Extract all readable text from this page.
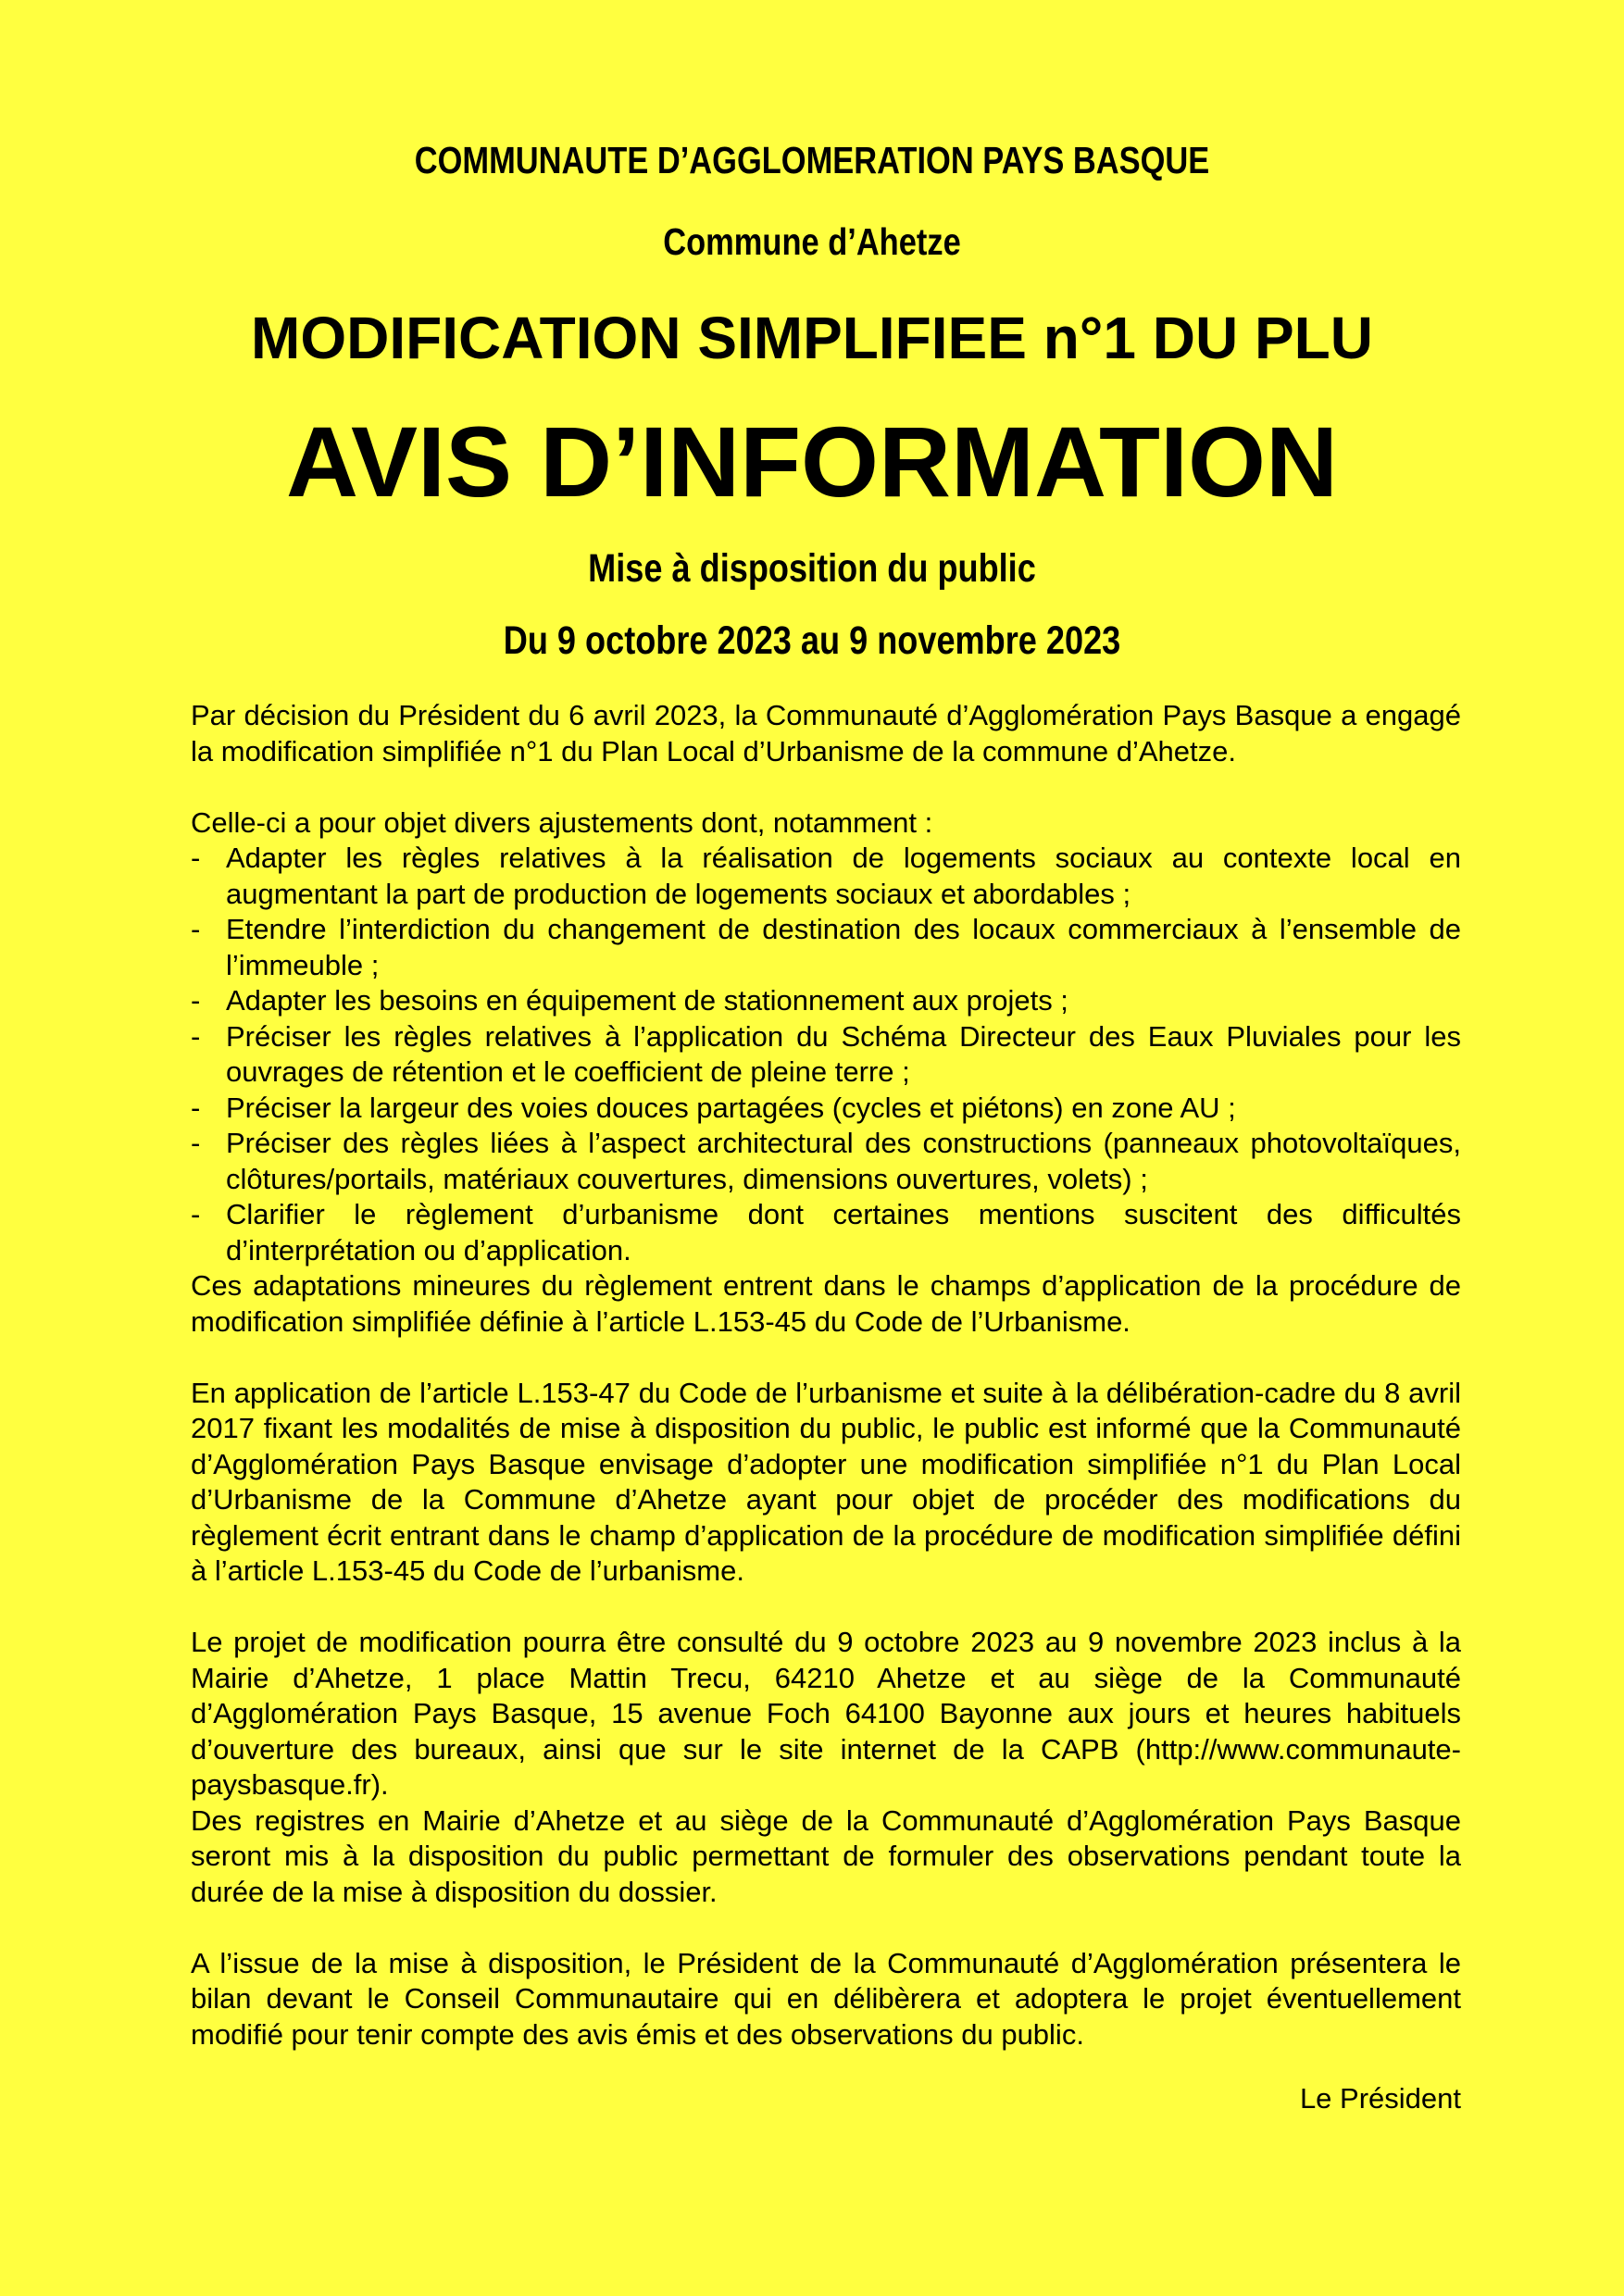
COMMUNAUTE D’AGGLOMERATION PAYS BASQUE
Commune d’Ahetze
MODIFICATION SIMPLIFIEE n°1 DU PLU
AVIS D’INFORMATION
Mise à disposition du public
Du 9 octobre 2023 au 9 novembre 2023

Par décision du Président du 6 avril 2023, la Communauté d’Agglomération Pays Basque a engagé la modification simplifiée n°1 du Plan Local d’Urbanisme de la commune d’Ahetze.

Celle-ci a pour objet divers ajustements dont, notamment :

- Adapter les règles relatives à la réalisation de logements sociaux au contexte local en augmentant la part de production de logements sociaux et abordables ;
- Etendre l’interdiction du changement de destination des locaux commerciaux à l’ensemble de l’immeuble ;
- Adapter les besoins en équipement de stationnement aux projets ;
- Préciser les règles relatives à l’application du Schéma Directeur des Eaux Pluviales pour les ouvrages de rétention et le coefficient de pleine terre ;
- Préciser la largeur des voies douces partagées (cycles et piétons) en zone AU ;
- Préciser des règles liées à l’aspect architectural des constructions (panneaux photovoltaïques, clôtures/portails, matériaux couvertures, dimensions ouvertures, volets) ;
- Clarifier le règlement d’urbanisme dont certaines mentions suscitent des difficultés d’interprétation ou d’application.

Ces adaptations mineures du règlement entrent dans le champs d’application de la procédure de modification simplifiée définie à l’article L.153-45 du Code de l’Urbanisme.

En application de l’article L.153-47 du Code de l’urbanisme et suite à la délibération-cadre du 8 avril 2017 fixant les modalités de mise à disposition du public, le public est informé que la Communauté d’Agglomération Pays Basque envisage d’adopter une modification simplifiée n°1 du Plan Local d’Urbanisme de la Commune d’Ahetze ayant pour objet de procéder des modifications du règlement écrit entrant dans le champ d’application de la procédure de modification simplifiée défini à l’article L.153-45 du Code de l’urbanisme.

Le projet de modification pourra être consulté du 9 octobre 2023 au 9 novembre 2023 inclus à la Mairie d’Ahetze, 1 place Mattin Trecu, 64210 Ahetze et au siège de la Communauté d’Agglomération Pays Basque, 15 avenue Foch 64100 Bayonne aux jours et heures habituels d’ouverture des bureaux, ainsi que sur le site internet de la CAPB (http://www.communaute-paysbasque.fr).

Des registres en Mairie d’Ahetze et au siège de la Communauté d’Agglomération Pays Basque seront mis à la disposition du public permettant de formuler des observations pendant toute la durée de la mise à disposition du dossier.

A l’issue de la mise à disposition, le Président de la Communauté d’Agglomération présentera le bilan devant le Conseil Communautaire qui en délibèrera et adoptera le projet éventuellement modifié pour tenir compte des avis émis et des observations du public.

Le Président
